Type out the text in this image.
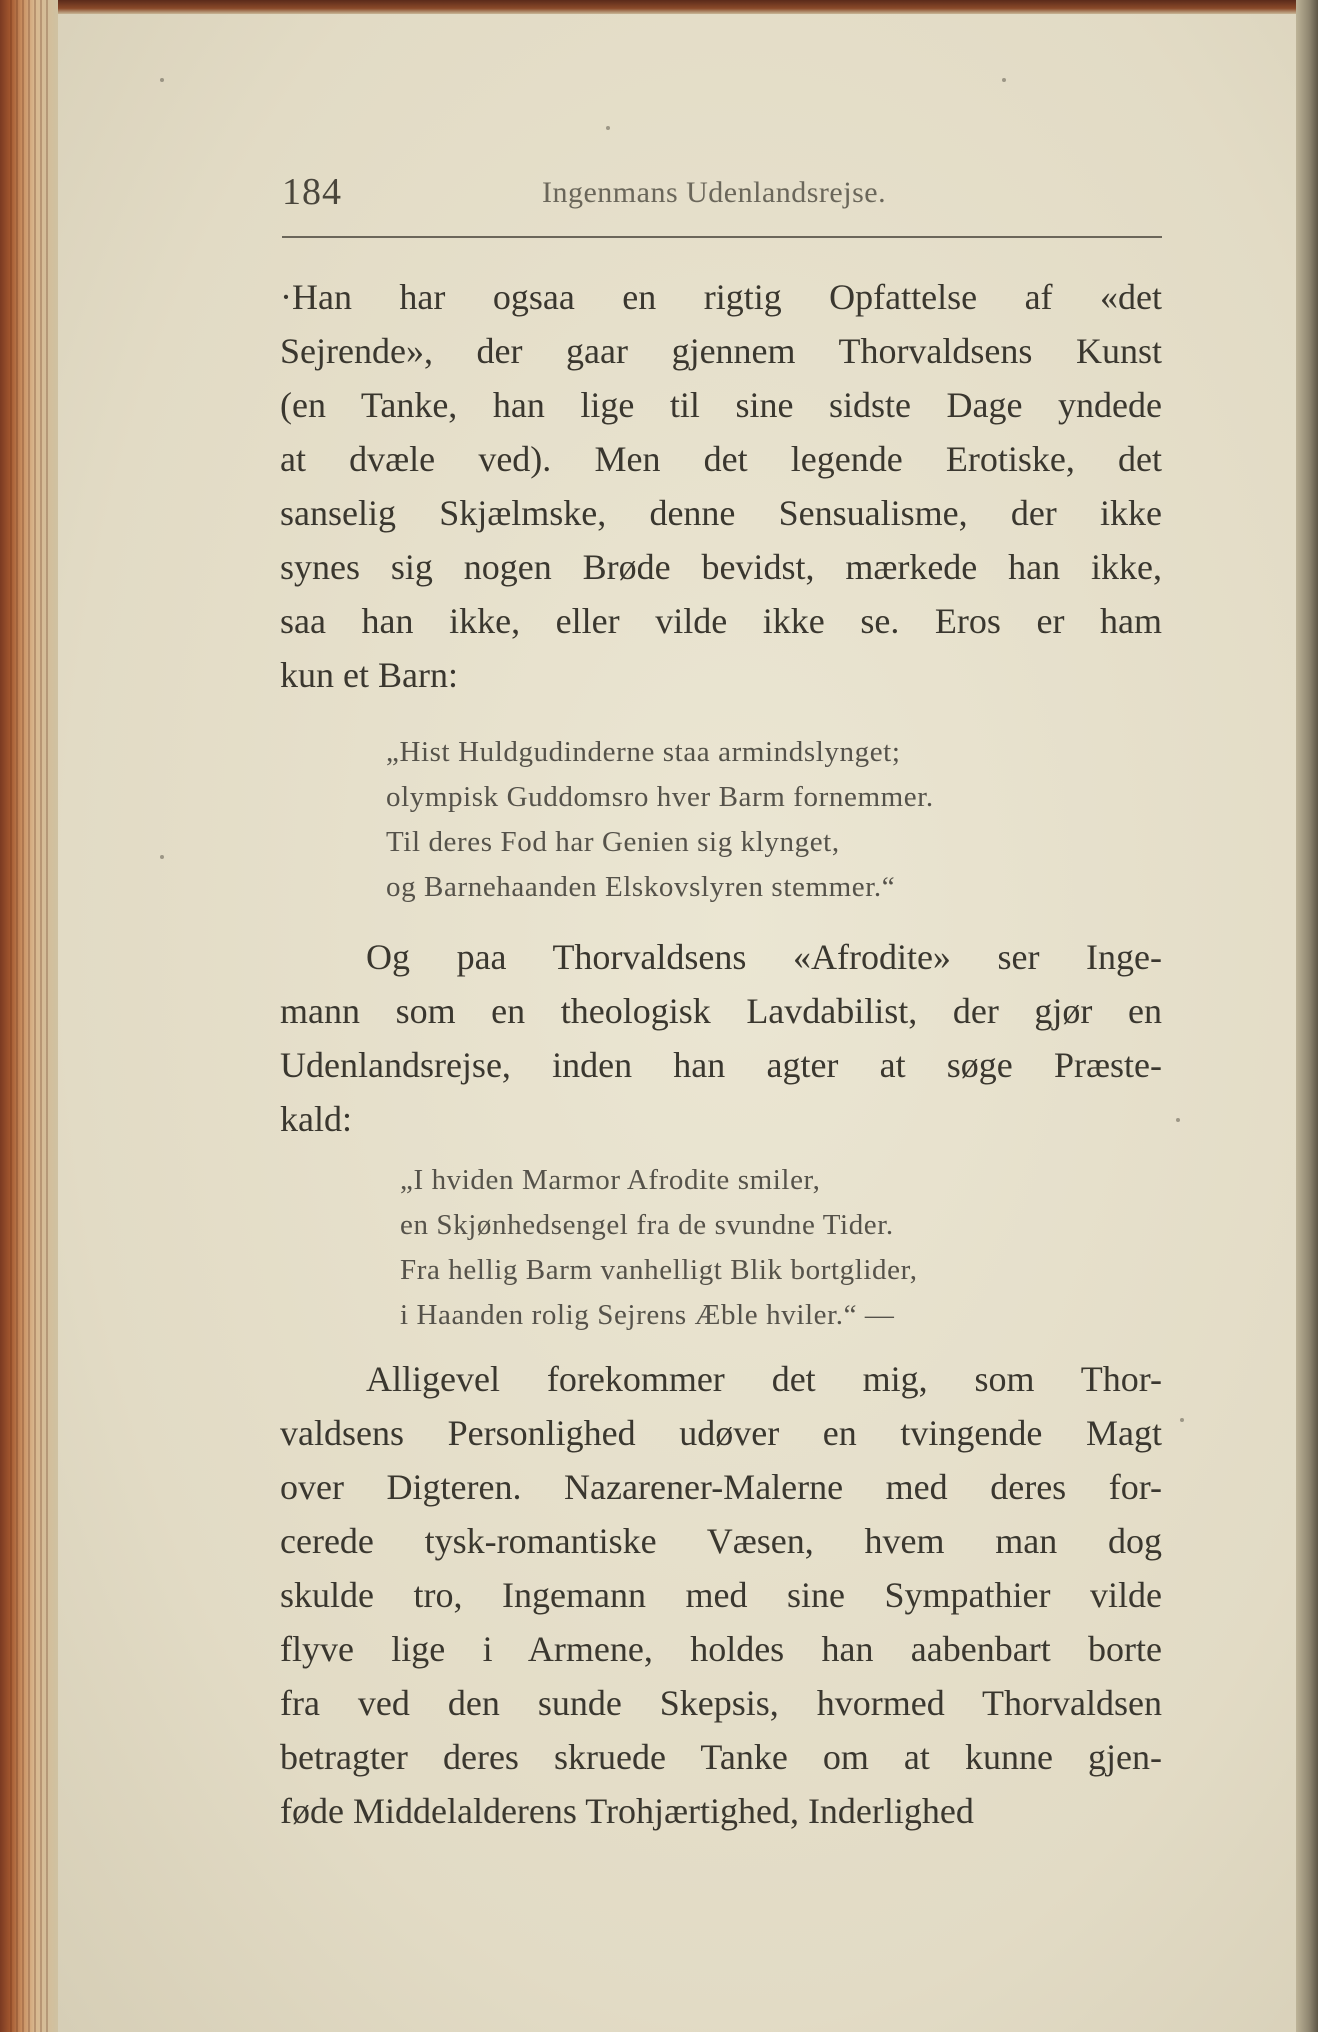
184	Ingenmans Udenlandsrejse.

·Han har ogsaa en rigtig Opfattelse af «det
Sejrende», der gaar gjennem Thorvaldsens Kunst
(en Tanke, han lige til sine sidste Dage yndede
at dvæle ved). Men det legende Erotiske, det
sanselig Skjælmske, denne Sensualisme, der ikke
synes sig nogen Brøde bevidst, mærkede han ikke,
saa han ikke, eller vilde ikke se. Eros er ham
kun et Barn:

„Hist Huldgudinderne staa armindslynget;
olympisk Guddomsro hver Barm fornemmer.
Til deres Fod har Genien sig klynget,
og Barnehaanden Elskovslyren stemmer.“

Og paa Thorvaldsens «Afrodite» ser Inge-
mann som en theologisk Lavdabilist, der gjør en
Udenlandsrejse, inden han agter at søge Præste-
kald:

„I hviden Marmor Afrodite smiler,
en Skjønhedsengel fra de svundne Tider.
Fra hellig Barm vanhelligt Blik bortglider,
i Haanden rolig Sejrens Æble hviler.“ —

Alligevel forekommer det mig, som Thor-
valdsens Personlighed udøver en tvingende Magt
over Digteren. Nazarener-Malerne med deres for-
cerede tysk-romantiske Væsen, hvem man dog
skulde tro, Ingemann med sine Sympathier vilde
flyve lige i Armene, holdes han aabenbart borte
fra ved den sunde Skepsis, hvormed Thorvaldsen
betragter deres skruede Tanke om at kunne gjen-
føde Middelalderens Trohjærtighed, Inderlighed
